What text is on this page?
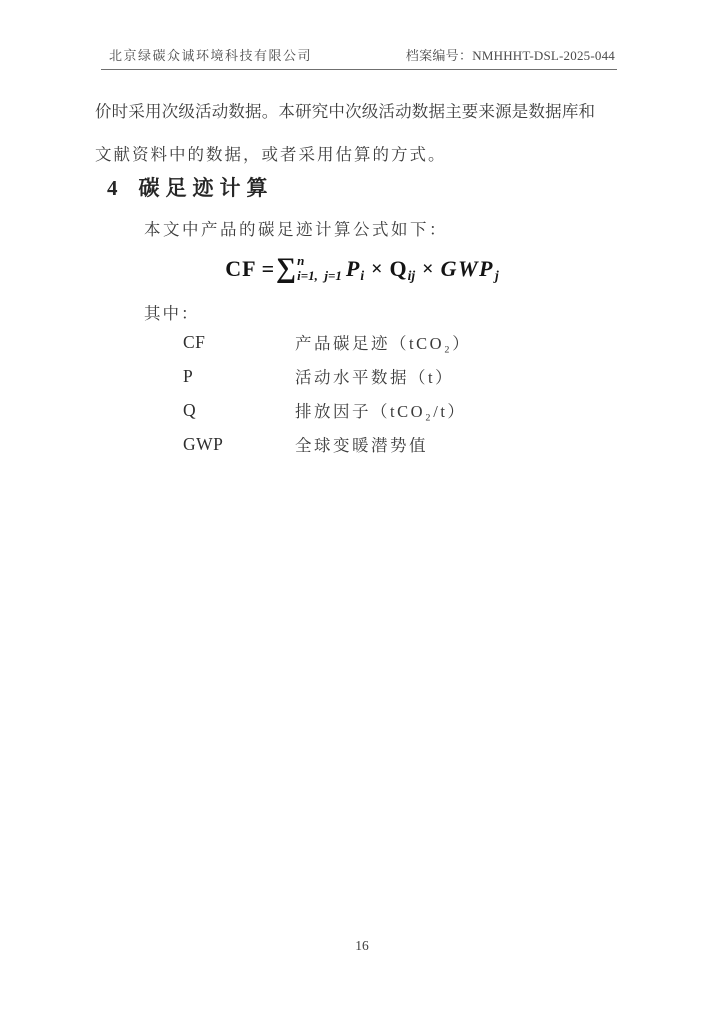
北京绿碳众诚环境科技有限公司	档案编号：NMHHHT-DSL-2025-044
价时采用次级活动数据。本研究中次级活动数据主要来源是数据库和
文献资料中的数据，或者采用估算的方式。
4 碳足迹计算
本文中产品的碳足迹计算公式如下：
CF = ∑ n
i=1,  j=1 P i × Q ij × GWP j
其中：
CF	产品碳足迹（tCO₂）
P	活动水平数据（t）
Q	排放因子（tCO₂/t）
GWP	全球变暖潜势值
16
